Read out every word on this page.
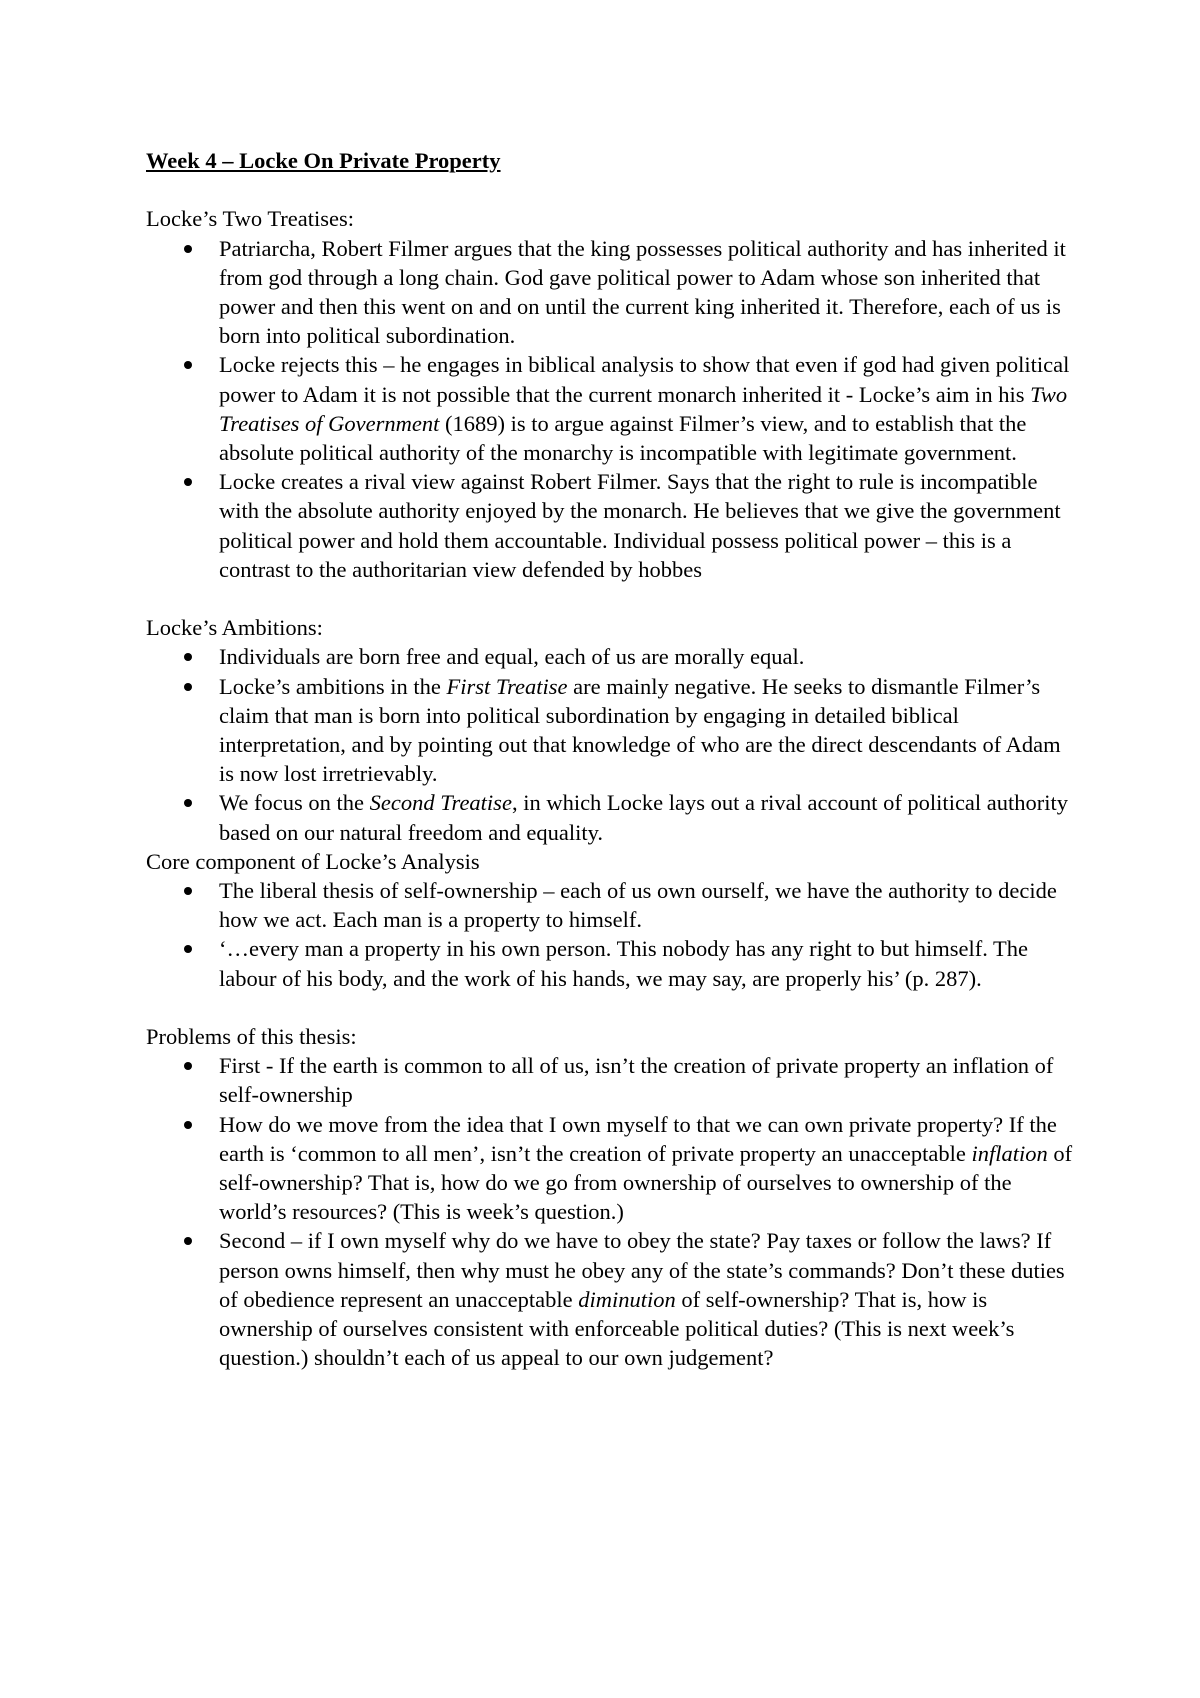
Week 4 – Locke On Private Property
Locke’s Two Treatises:
Patriarcha, Robert Filmer argues that the king possesses political authority and has inherited it from god through a long chain. God gave political power to Adam whose son inherited that power and then this went on and on until the current king inherited it. Therefore, each of us is born into political subordination.
Locke rejects this – he engages in biblical analysis to show that even if god had given political power to Adam it is not possible that the current monarch inherited it - Locke’s aim in his Two Treatises of Government (1689) is to argue against Filmer’s view, and to establish that the absolute political authority of the monarchy is incompatible with legitimate government.
Locke creates a rival view against Robert Filmer. Says that the right to rule is incompatible with the absolute authority enjoyed by the monarch. He believes that we give the government political power and hold them accountable. Individual possess political power – this is a contrast to the authoritarian view defended by hobbes
Locke’s Ambitions:
Individuals are born free and equal, each of us are morally equal.
Locke’s ambitions in the First Treatise are mainly negative. He seeks to dismantle Filmer’s claim that man is born into political subordination by engaging in detailed biblical interpretation, and by pointing out that knowledge of who are the direct descendants of Adam is now lost irretrievably.
We focus on the Second Treatise, in which Locke lays out a rival account of political authority based on our natural freedom and equality.
Core component of Locke’s Analysis
The liberal thesis of self-ownership – each of us own ourself, we have the authority to decide how we act. Each man is a property to himself.
‘…every man a property in his own person. This nobody has any right to but himself. The labour of his body, and the work of his hands, we may say, are properly his’ (p. 287).
Problems of this thesis:
First - If the earth is common to all of us, isn’t the creation of private property an inflation of self-ownership
How do we move from the idea that I own myself to that we can own private property? If the earth is ‘common to all men’, isn’t the creation of private property an unacceptable inflation of self-ownership? That is, how do we go from ownership of ourselves to ownership of the world’s resources? (This is week’s question.)
Second – if I own myself why do we have to obey the state? Pay taxes or follow the laws? If person owns himself, then why must he obey any of the state’s commands? Don’t these duties of obedience represent an unacceptable diminution of self-ownership? That is, how is ownership of ourselves consistent with enforceable political duties? (This is next week’s question.) shouldn’t each of us appeal to our own judgement?
